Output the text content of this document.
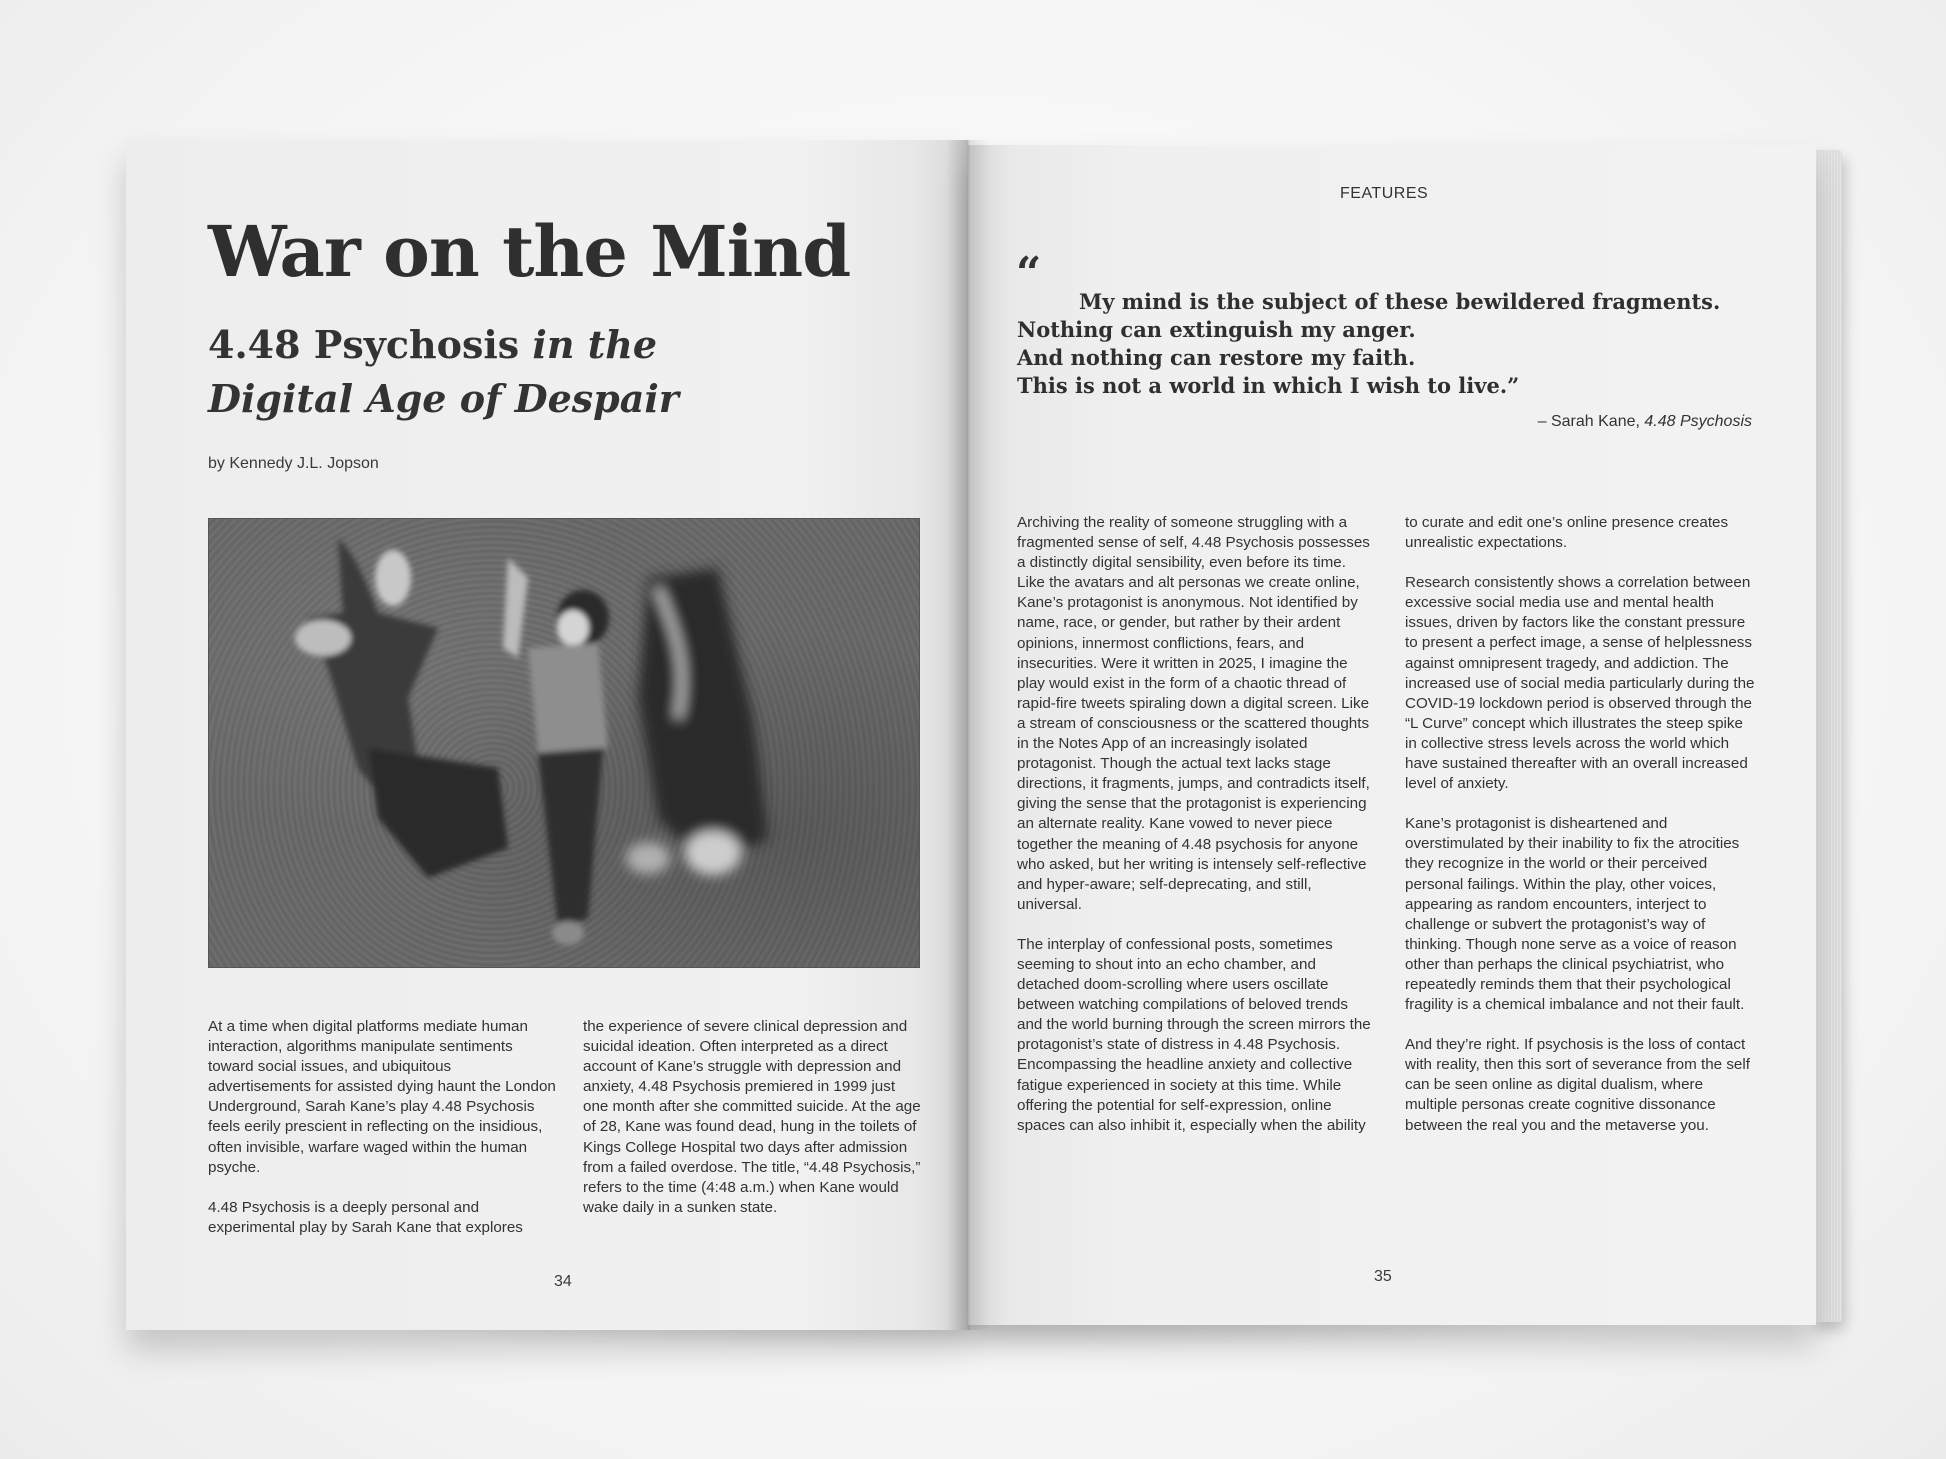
War on the Mind
4.48 Psychosis in the Digital Age of Despair
by Kennedy J.L. Jopson

At a time when digital platforms mediate human interaction, algorithms manipulate sentiments toward social issues, and ubiquitous advertisements for assisted dying haunt the London Underground, Sarah Kane’s play 4.48 Psychosis feels eerily prescient in reflecting on the insidious, often invisible, warfare waged within the human psyche.

4.48 Psychosis is a deeply personal and experimental play by Sarah Kane that explores

the experience of severe clinical depression and suicidal ideation. Often interpreted as a direct account of Kane’s struggle with depression and anxiety, 4.48 Psychosis premiered in 1999 just one month after she committed suicide. At the age of 28, Kane was found dead, hung in the toilets of Kings College Hospital two days after admission from a failed overdose. The title, “4.48 Psychosis,” refers to the time (4:48 a.m.) when Kane would wake daily in a sunken state.

34
FEATURES
“
My mind is the subject of these bewildered fragments.
Nothing can extinguish my anger.
And nothing can restore my faith.
This is not a world in which I wish to live.”
– Sarah Kane, 4.48 Psychosis

Archiving the reality of someone struggling with a fragmented sense of self, 4.48 Psychosis possesses a distinctly digital sensibility, even before its time. Like the avatars and alt personas we create online, Kane’s protagonist is anonymous. Not identified by name, race, or gender, but rather by their ardent opinions, innermost conflictions, fears, and insecurities. Were it written in 2025, I imagine the play would exist in the form of a chaotic thread of rapid-fire tweets spiraling down a digital screen. Like a stream of consciousness or the scattered thoughts in the Notes App of an increasingly isolated protagonist. Though the actual text lacks stage directions, it fragments, jumps, and contradicts itself, giving the sense that the protagonist is experiencing an alternate reality. Kane vowed to never piece together the meaning of 4.48 psychosis for anyone who asked, but her writing is intensely self-reflective and hyper-aware; self-deprecating, and still, universal.

The interplay of confessional posts, sometimes seeming to shout into an echo chamber, and detached doom-scrolling where users oscillate between watching compilations of beloved trends and the world burning through the screen mirrors the protagonist’s state of distress in 4.48 Psychosis. Encompassing the headline anxiety and collective fatigue experienced in society at this time. While offering the potential for self-expression, online spaces can also inhibit it, especially when the ability

to curate and edit one’s online presence creates unrealistic expectations.

Research consistently shows a correlation between excessive social media use and mental health issues, driven by factors like the constant pressure to present a perfect image, a sense of helplessness against omnipresent tragedy, and addiction. The increased use of social media particularly during the COVID-19 lockdown period is observed through the “L Curve” concept which illustrates the steep spike in collective stress levels across the world which have sustained thereafter with an overall increased level of anxiety.

Kane’s protagonist is disheartened and overstimulated by their inability to fix the atrocities they recognize in the world or their perceived personal failings. Within the play, other voices, appearing as random encounters, interject to challenge or subvert the protagonist’s way of thinking. Though none serve as a voice of reason other than perhaps the clinical psychiatrist, who repeatedly reminds them that their psychological fragility is a chemical imbalance and not their fault.

And they’re right. If psychosis is the loss of contact with reality, then this sort of severance from the self can be seen online as digital dualism, where multiple personas create cognitive dissonance between the real you and the metaverse you.

35
